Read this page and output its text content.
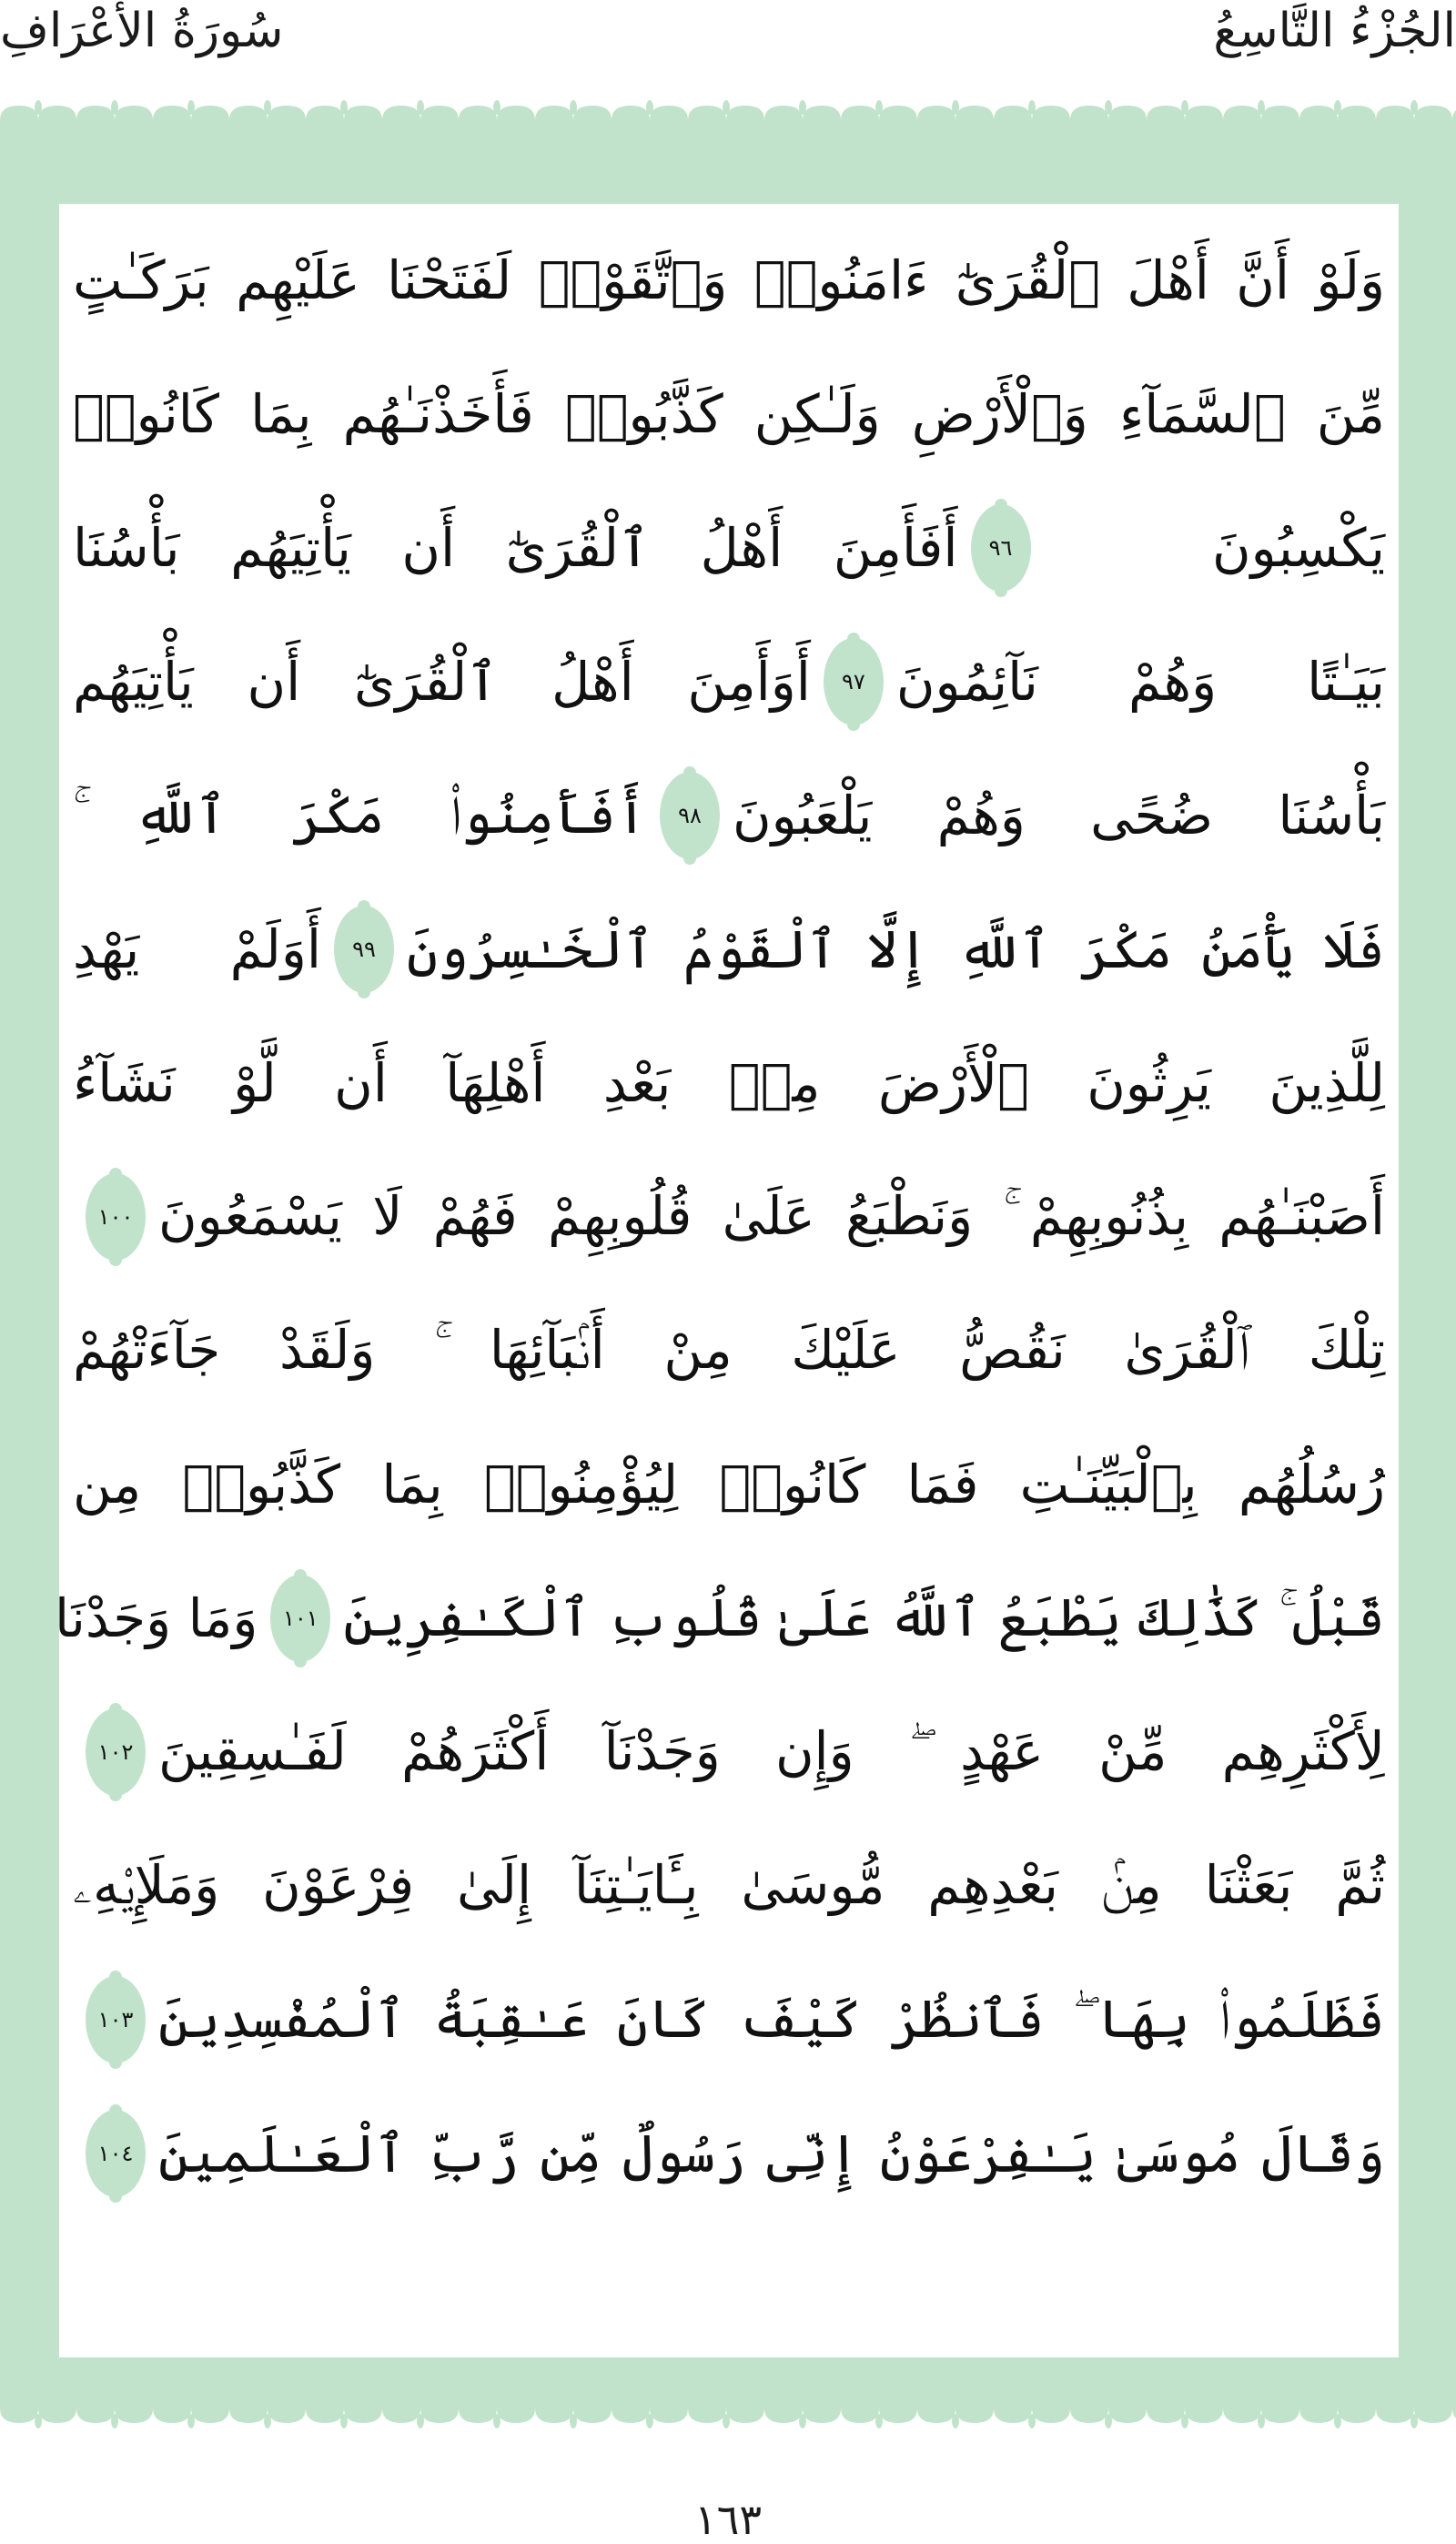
الجُزْءُ التَّاسِعُ
سُورَةُ الأَعْرَافِ
وَلَوْ أَنَّ أَهْلَ ٱلْقُرَىٰٓ ءَامَنُوا۟ وَٱتَّقَوْا۟ لَفَتَحْنَا عَلَيْهِم بَرَكَـٰتٍ
مِّنَ ٱلسَّمَآءِ وَٱلْأَرْضِ وَلَـٰكِن كَذَّبُوا۟ فَأَخَذْنَـٰهُم بِمَا كَانُوا۟
يَكْسِبُونَ
٩٦
أَفَأَمِنَ أَهْلُ ٱلْقُرَىٰٓ أَن يَأْتِيَهُم بَأْسُنَا
بَيَـٰتًا وَهُمْ نَآئِمُونَ
٩٧
أَوَأَمِنَ أَهْلُ ٱلْقُرَىٰٓ أَن يَأْتِيَهُم
بَأْسُنَا ضُحًى وَهُمْ يَلْعَبُونَ
٩٨
أَفَأَمِنُوا۟ مَكْرَ ٱللَّهِ ۚ
فَلَا يَأْمَنُ مَكْرَ ٱللَّهِ إِلَّا ٱلْقَوْمُ ٱلْخَـٰسِرُونَ
٩٩
أَوَلَمْ يَهْدِ
لِلَّذِينَ يَرِثُونَ ٱلْأَرْضَ مِنۢ بَعْدِ أَهْلِهَآ أَن لَّوْ نَشَآءُ
أَصَبْنَـٰهُم بِذُنُوبِهِمْ ۚ وَنَطْبَعُ عَلَىٰ قُلُوبِهِمْ فَهُمْ لَا يَسْمَعُونَ
١٠٠
تِلْكَ ٱلْقُرَىٰ نَقُصُّ عَلَيْكَ مِنْ أَنۢبَآئِهَا ۚ وَلَقَدْ جَآءَتْهُمْ
رُسُلُهُم بِٱلْبَيِّنَـٰتِ فَمَا كَانُوا۟ لِيُؤْمِنُوا۟ بِمَا كَذَّبُوا۟ مِن
قَبْلُ ۚ كَذَٰلِكَ يَطْبَعُ ٱللَّهُ عَلَىٰ قُلُوبِ ٱلْكَـٰفِرِينَ
١٠١
وَمَا وَجَدْنَا
لِأَكْثَرِهِم مِّنْ عَهْدٍ ۖ وَإِن وَجَدْنَآ أَكْثَرَهُمْ لَفَـٰسِقِينَ
١٠٢
ثُمَّ بَعَثْنَا مِنۢ بَعْدِهِم مُّوسَىٰ بِـَٔايَـٰتِنَآ إِلَىٰ فِرْعَوْنَ وَمَلَإِي۟هِۦ
فَظَلَمُوا۟ بِهَا ۖ فَٱنظُرْ كَيْفَ كَانَ عَـٰقِبَةُ ٱلْمُفْسِدِينَ
١٠٣
وَقَالَ مُوسَىٰ يَـٰفِرْعَوْنُ إِنِّى رَسُولٌ مِّن رَّبِّ ٱلْعَـٰلَمِينَ
١٠٤
١٦٣
